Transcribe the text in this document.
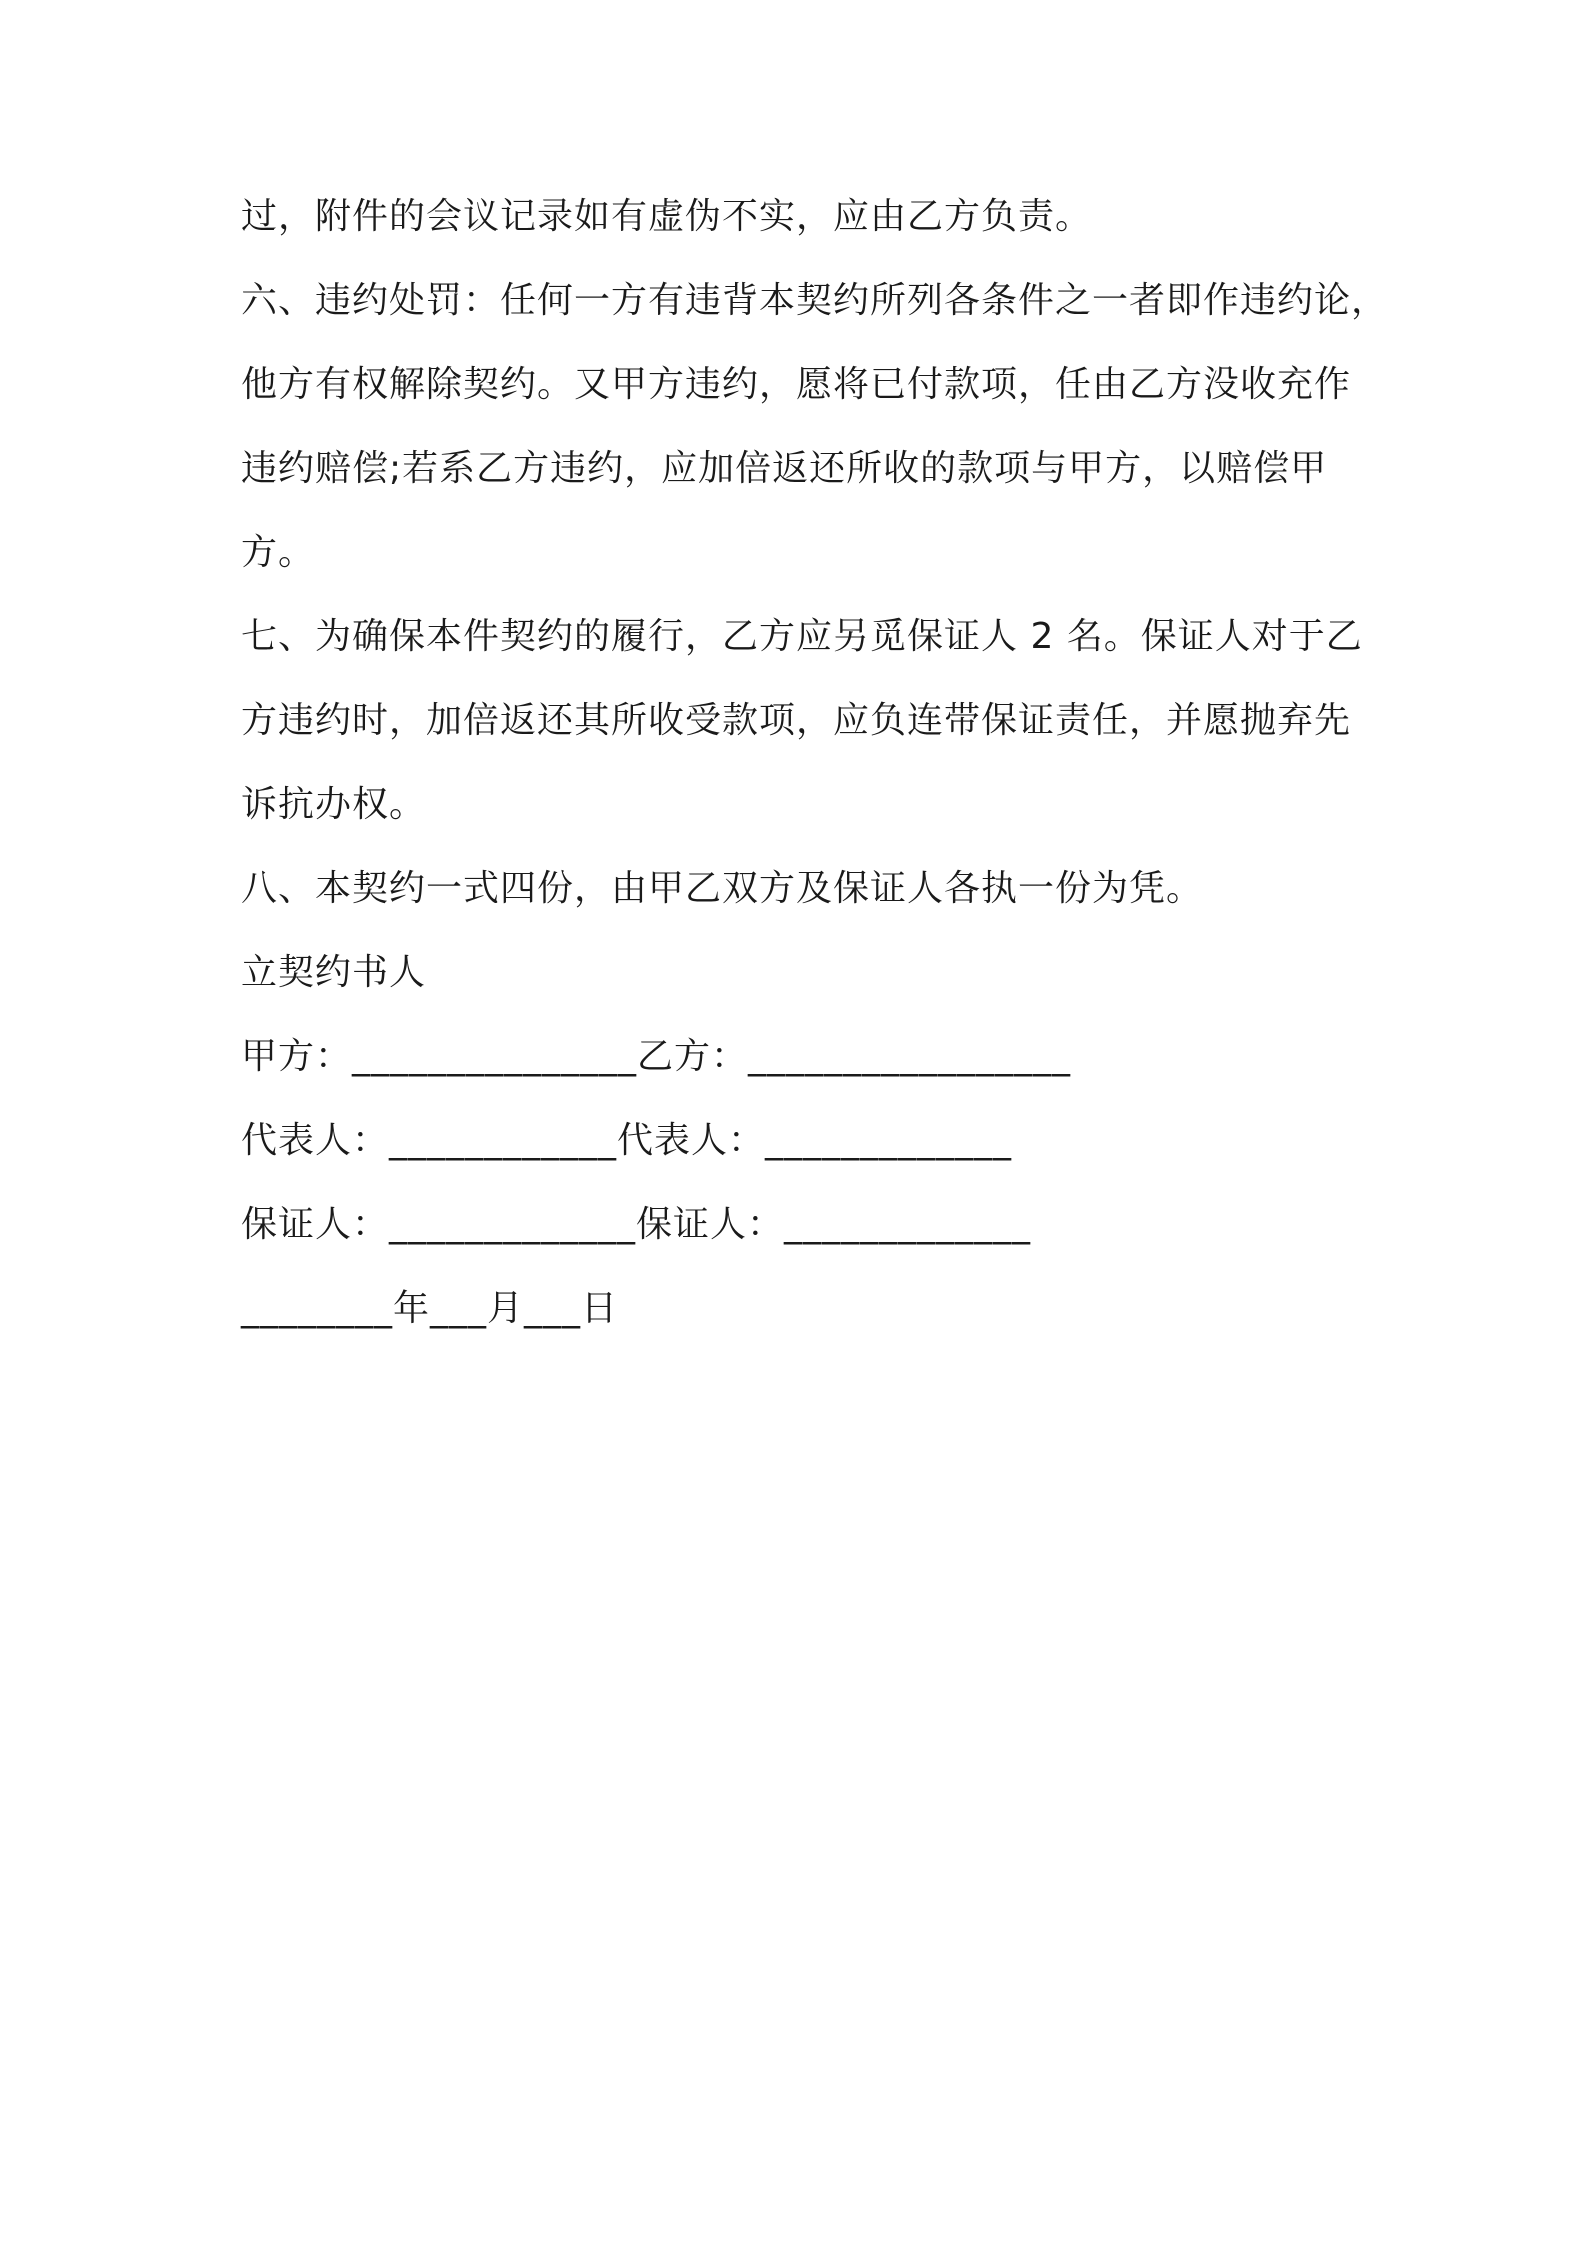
过，附件的会议记录如有虚伪不实，应由乙方负责。
六、违约处罚：任何一方有违背本契约所列各条件之一者即作违约论，
他方有权解除契约。又甲方违约，愿将已付款项，任由乙方没收充作
违约赔偿;若系乙方违约，应加倍返还所收的款项与甲方，以赔偿甲
方。
七、为确保本件契约的履行，乙方应另觅保证人 2 名。保证人对于乙
方违约时，加倍返还其所收受款项，应负连带保证责任，并愿抛弃先
诉抗办权。
八、本契约一式四份，由甲乙双方及保证人各执一份为凭。
立契约书人
甲方：_______________乙方：_________________
代表人：____________代表人：_____________
保证人：_____________保证人：_____________
________年___月___日
